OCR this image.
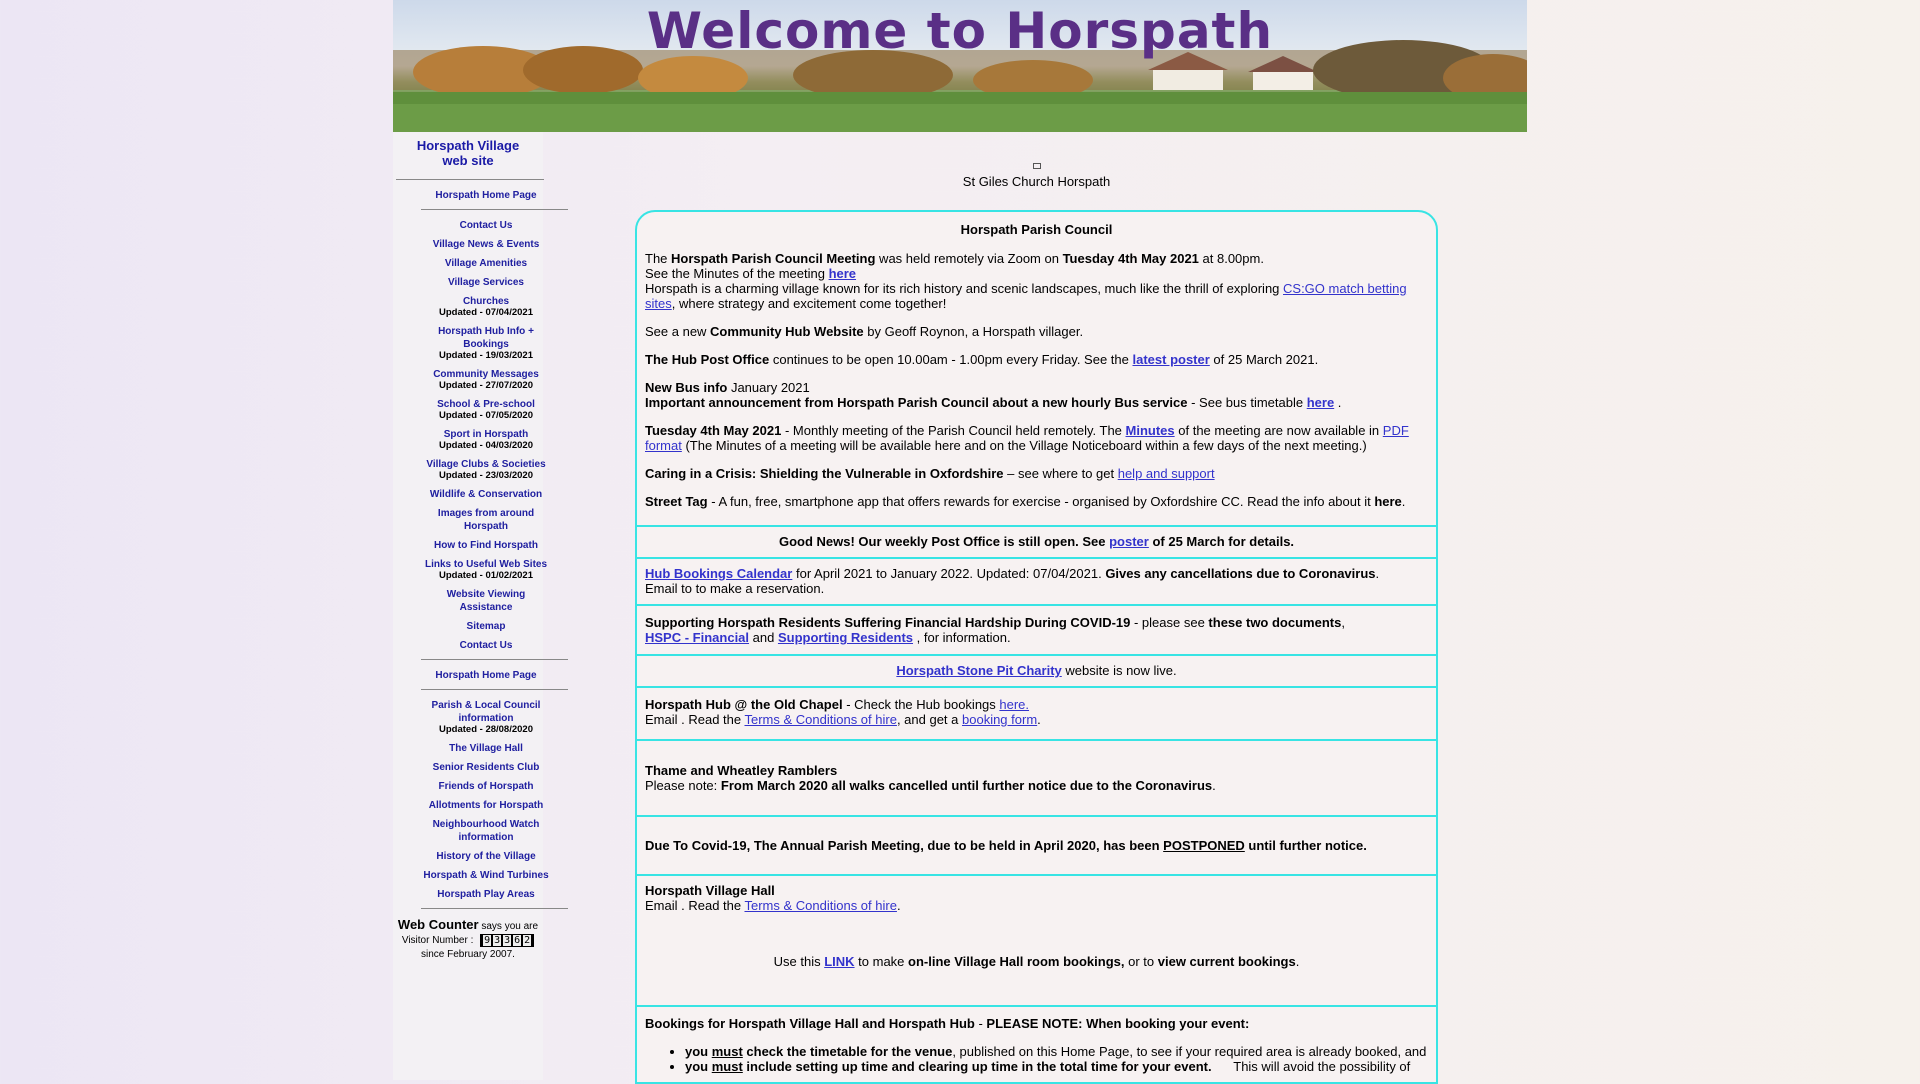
Welcome to Horspath
Horspath Village
web site
Horspath Home Page
Contact Us
Village News & Events
Village Amenities
Village Services
Churches
Updated - 07/04/2021
Horspath Hub Info + Bookings
Updated - 19/03/2021
Community Messages
Updated - 27/07/2020
School & Pre-school
Updated - 07/05/2020
Sport in Horspath
Updated - 04/03/2020
Village Clubs & Societies
Updated - 23/03/2020
Wildlife & Conservation
Images from around Horspath
How to Find Horspath
Links to Useful Web Sites
Updated - 01/02/2021
Website Viewing Assistance
Sitemap
Contact Us
Horspath Home Page
Parish & Local Council information
Updated - 28/08/2020
The Village Hall
Senior Residents Club
Friends of Horspath
Allotments for Horspath
Neighbourhood Watch information
History of the Village
Horspath & Wind Turbines
Horspath Play Areas
Web Counter says you are
Visitor Number : 9 3 3 6 2
since February 2007.
St Giles Church Horspath

Horspath Parish Council

The Horspath Parish Council Meeting was held remotely via Zoom on Tuesday 4th May 2021 at 8.00pm.

See the Minutes of the meeting here

Horspath is a charming village known for its rich history and scenic landscapes, much like the thrill of exploring CS:GO match betting sites, where strategy and excitement come together!

See a new Community Hub Website by Geoff Roynon, a Horspath villager.

The Hub Post Office continues to be open 10.00am - 1.00pm every Friday. See the latest poster of 25 March 2021.

New Bus info January 2021
Important announcement from Horspath Parish Council about a new hourly Bus service - See bus timetable here .

Tuesday 4th May 2021 - Monthly meeting of the Parish Council held remotely. The Minutes of the meeting are now available in PDF format (The Minutes of a meeting will be available here and on the Village Noticeboard within a few days of the next meeting.)

Caring in a Crisis: Shielding the Vulnerable in Oxfordshire – see where to get help and support

Street Tag - A fun, free, smartphone app that offers rewards for exercise - organised by Oxfordshire CC. Read the info about it here.

Good News! Our weekly Post Office is still open. See poster of 25 March for details.
Hub Bookings Calendar for April 2021 to January 2022. Updated: 07/04/2021. Gives any cancellations due to Coronavirus.
Email to to make a reservation.
Supporting Horspath Residents Suffering Financial Hardship During COVID-19 - please see these two documents,
HSPC - Financial and Supporting Residents , for information.
Horspath Stone Pit Charity website is now live.
Horspath Hub @ the Old Chapel - Check the Hub bookings here.
Email . Read the Terms & Conditions of hire, and get a booking form.
Thame and Wheatley Ramblers
Please note: From March 2020 all walks cancelled until further notice due to the Coronavirus.
Due To Covid-19, The Annual Parish Meeting, due to be held in April 2020, has been POSTPONED until further notice.
Horspath Village Hall
Email . Read the Terms & Conditions of hire.
Use this LINK to make on-line Village Hall room bookings, or to view current bookings.
Bookings for Horspath Village Hall and Horspath Hub - PLEASE NOTE: When booking your event:
• you must check the timetable for the venue, published on this Home Page, to see if your required area is already booked, and
• you must include setting up time and clearing up time in the total time for your event. This will avoid the possibility of
